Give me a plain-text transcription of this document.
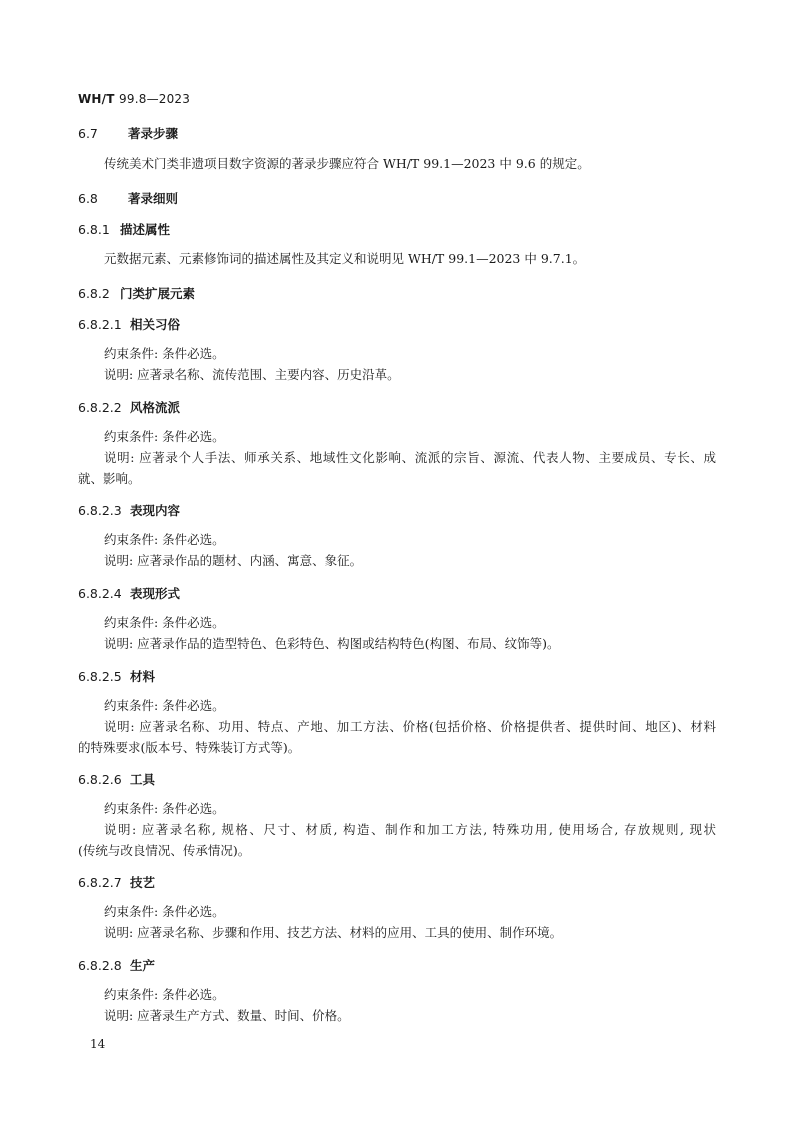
WH/T 99.8—2023
6.7 著录步骤
传统美术门类非遗项目数字资源的著录步骤应符合 WH/T 99.1—2023 中 9.6 的规定。
6.8 著录细则
6.8.1 描述属性
元数据元素、元素修饰词的描述属性及其定义和说明见 WH/T 99.1—2023 中 9.7.1。
6.8.2 门类扩展元素
6.8.2.1 相关习俗
约束条件: 条件必选。
说明: 应著录名称、流传范围、主要内容、历史沿革。
6.8.2.2 风格流派
约束条件: 条件必选。
说明: 应著录个人手法、师承关系、地域性文化影响、流派的宗旨、源流、代表人物、主要成员、专长、成
就、影响。
6.8.2.3 表现内容
约束条件: 条件必选。
说明: 应著录作品的题材、内涵、寓意、象征。
6.8.2.4 表现形式
约束条件: 条件必选。
说明: 应著录作品的造型特色、色彩特色、构图或结构特色(构图、布局、纹饰等)。
6.8.2.5 材料
约束条件: 条件必选。
说明: 应著录名称、功用、特点、产地、加工方法、价格(包括价格、价格提供者、提供时间、地区)、材料
的特殊要求(版本号、特殊装订方式等)。
6.8.2.6 工具
约束条件: 条件必选。
说明: 应著录名称, 规格、尺寸、材质, 构造、制作和加工方法, 特殊功用, 使用场合, 存放规则, 现状
(传统与改良情况、传承情况)。
6.8.2.7 技艺
约束条件: 条件必选。
说明: 应著录名称、步骤和作用、技艺方法、材料的应用、工具的使用、制作环境。
6.8.2.8 生产
约束条件: 条件必选。
说明: 应著录生产方式、数量、时间、价格。
14
